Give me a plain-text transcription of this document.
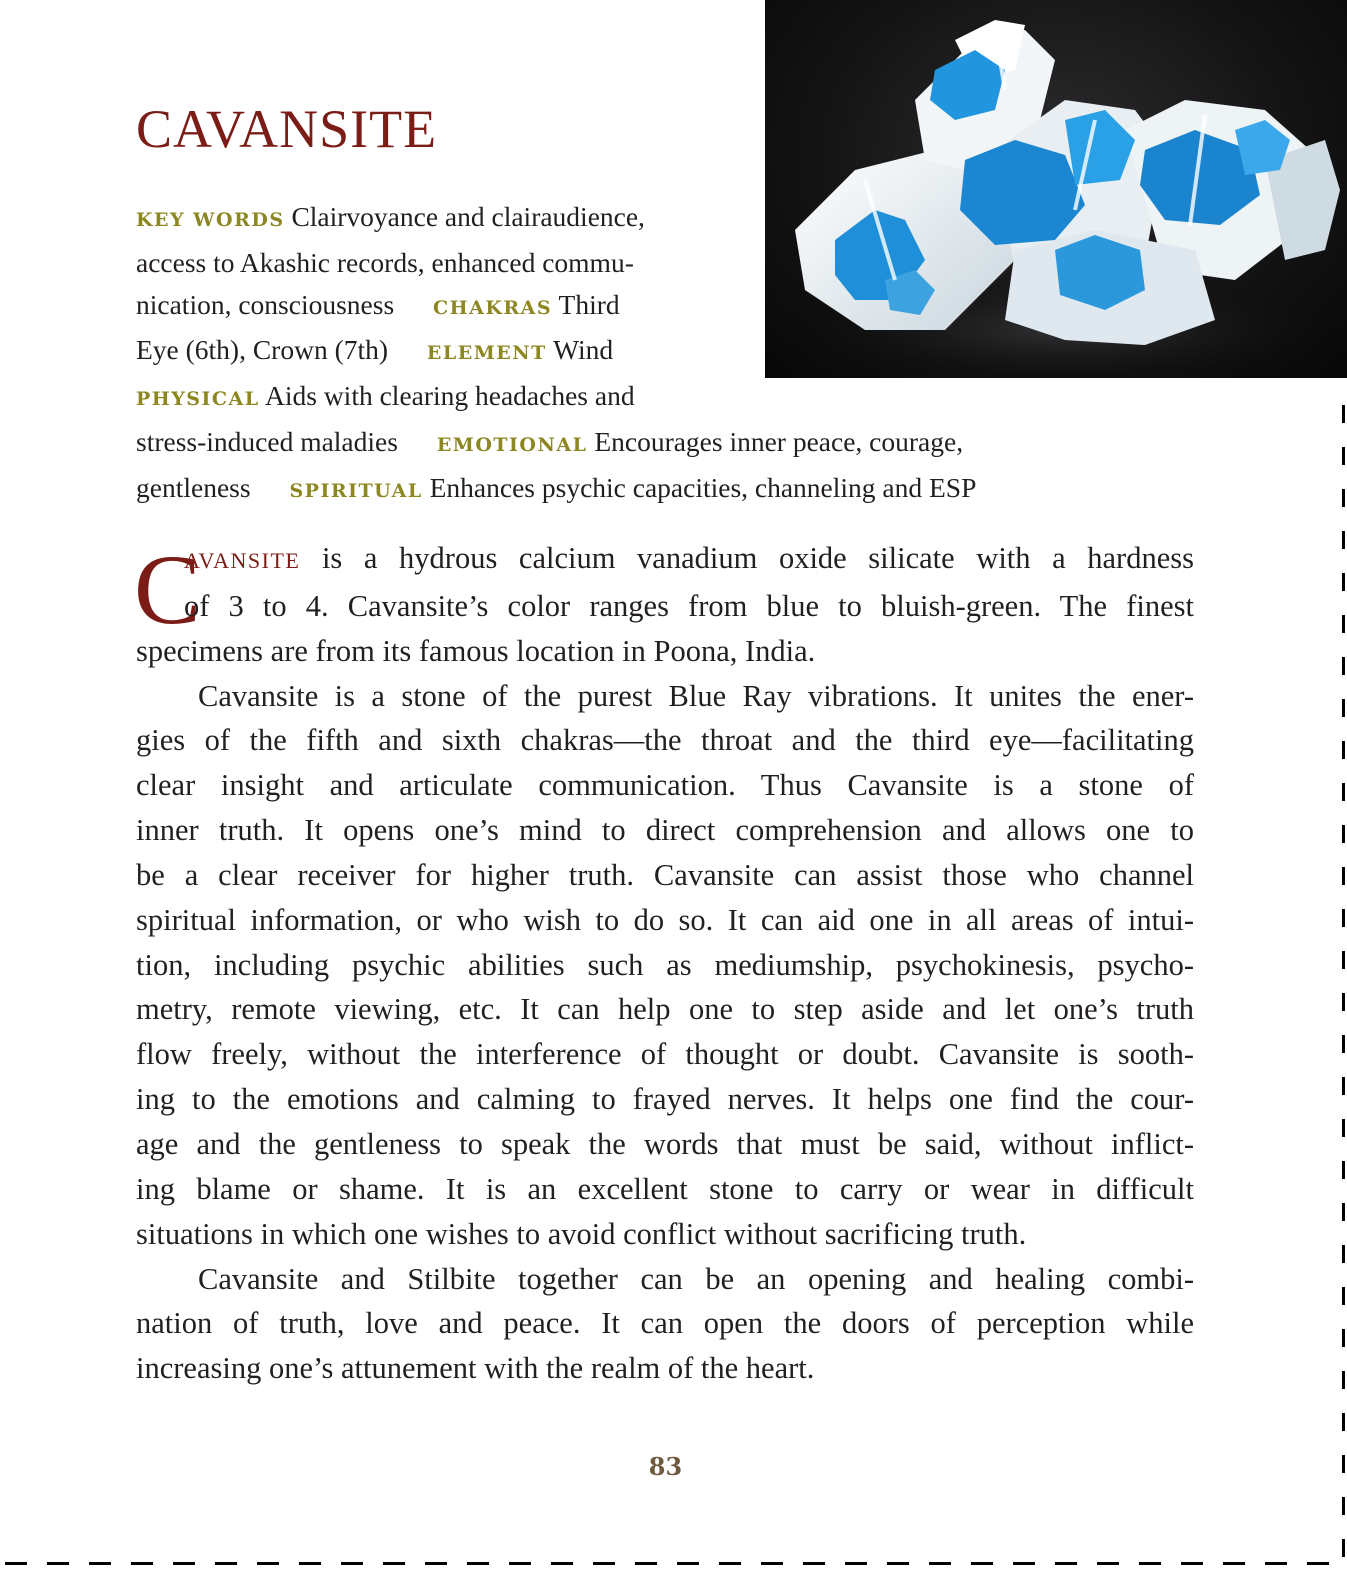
CAVANSITE
KEY WORDS Clairvoyance and clairaudience,
access to Akashic records, enhanced commu-
nication, consciousness CHAKRAS Third
Eye (6th), Crown (7th) ELEMENT Wind
PHYSICAL Aids with clearing headaches and
stress-induced maladies EMOTIONAL Encourages inner peace, courage,
gentleness SPIRITUAL Enhances psychic capacities, channeling and ESP
C
AVANSITE is a hydrous calcium vanadium oxide silicate with a hardness
of 3 to 4. Cavansite’s color ranges from blue to bluish-green. The finest
specimens are from its famous location in Poona, India.
Cavansite is a stone of the purest Blue Ray vibrations. It unites the ener-
gies of the fifth and sixth chakras—the throat and the third eye—facilitating
clear insight and articulate communication. Thus Cavansite is a stone of
inner truth. It opens one’s mind to direct comprehension and allows one to
be a clear receiver for higher truth. Cavansite can assist those who channel
spiritual information, or who wish to do so. It can aid one in all areas of intui-
tion, including psychic abilities such as mediumship, psychokinesis, psycho-
metry, remote viewing, etc. It can help one to step aside and let one’s truth
flow freely, without the interference of thought or doubt. Cavansite is sooth-
ing to the emotions and calming to frayed nerves. It helps one find the cour-
age and the gentleness to speak the words that must be said, without inflict-
ing blame or shame. It is an excellent stone to carry or wear in difficult
situations in which one wishes to avoid conflict without sacrificing truth.
Cavansite and Stilbite together can be an opening and healing combi-
nation of truth, love and peace. It can open the doors of perception while
increasing one’s attunement with the realm of the heart.
83
